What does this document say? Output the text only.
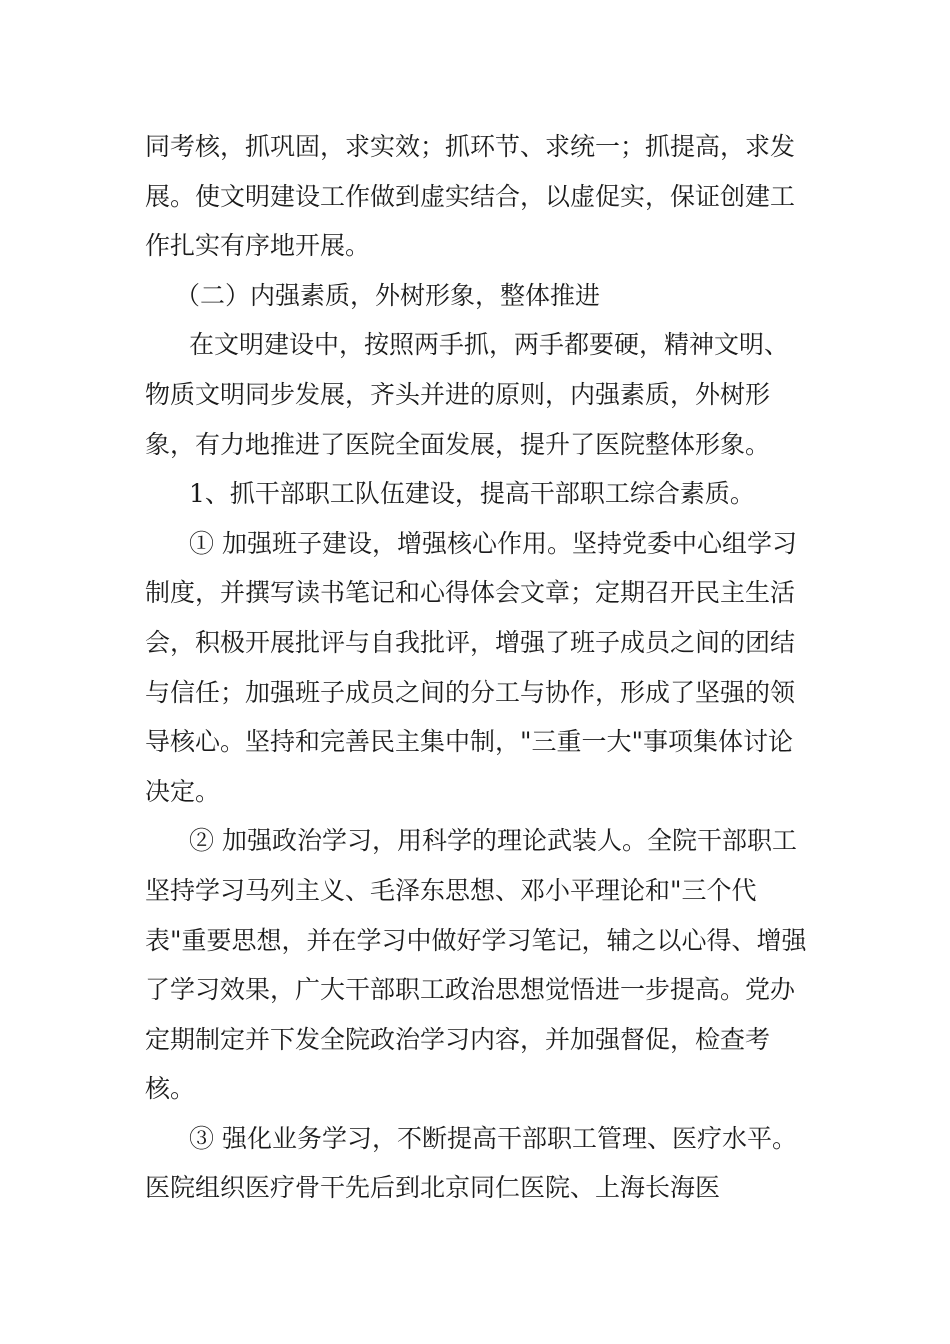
同考核，抓巩固，求实效；抓环节、求统一；抓提高，求发展。使文明建设工作做到虚实结合，以虚促实，保证创建工作扎实有序地开展。

（二）内强素质，外树形象，整体推进

在文明建设中，按照两手抓，两手都要硬，精神文明、物质文明同步发展，齐头并进的原则，内强素质，外树形象，有力地推进了医院全面发展，提升了医院整体形象。

1、抓干部职工队伍建设，提高干部职工综合素质。

① 加强班子建设，增强核心作用。坚持党委中心组学习制度，并撰写读书笔记和心得体会文章；定期召开民主生活会，积极开展批评与自我批评，增强了班子成员之间的团结与信任；加强班子成员之间的分工与协作，形成了坚强的领导核心。坚持和完善民主集中制，"三重一大"事项集体讨论决定。

② 加强政治学习，用科学的理论武装人。全院干部职工坚持学习马列主义、毛泽东思想、邓小平理论和"三个代表"重要思想，并在学习中做好学习笔记，辅之以心得、增强了学习效果，广大干部职工政治思想觉悟进一步提高。党办定期制定并下发全院政治学习内容，并加强督促，检查考核。

③ 强化业务学习，不断提高干部职工管理、医疗水平。医院组织医疗骨干先后到北京同仁医院、上海长海医
